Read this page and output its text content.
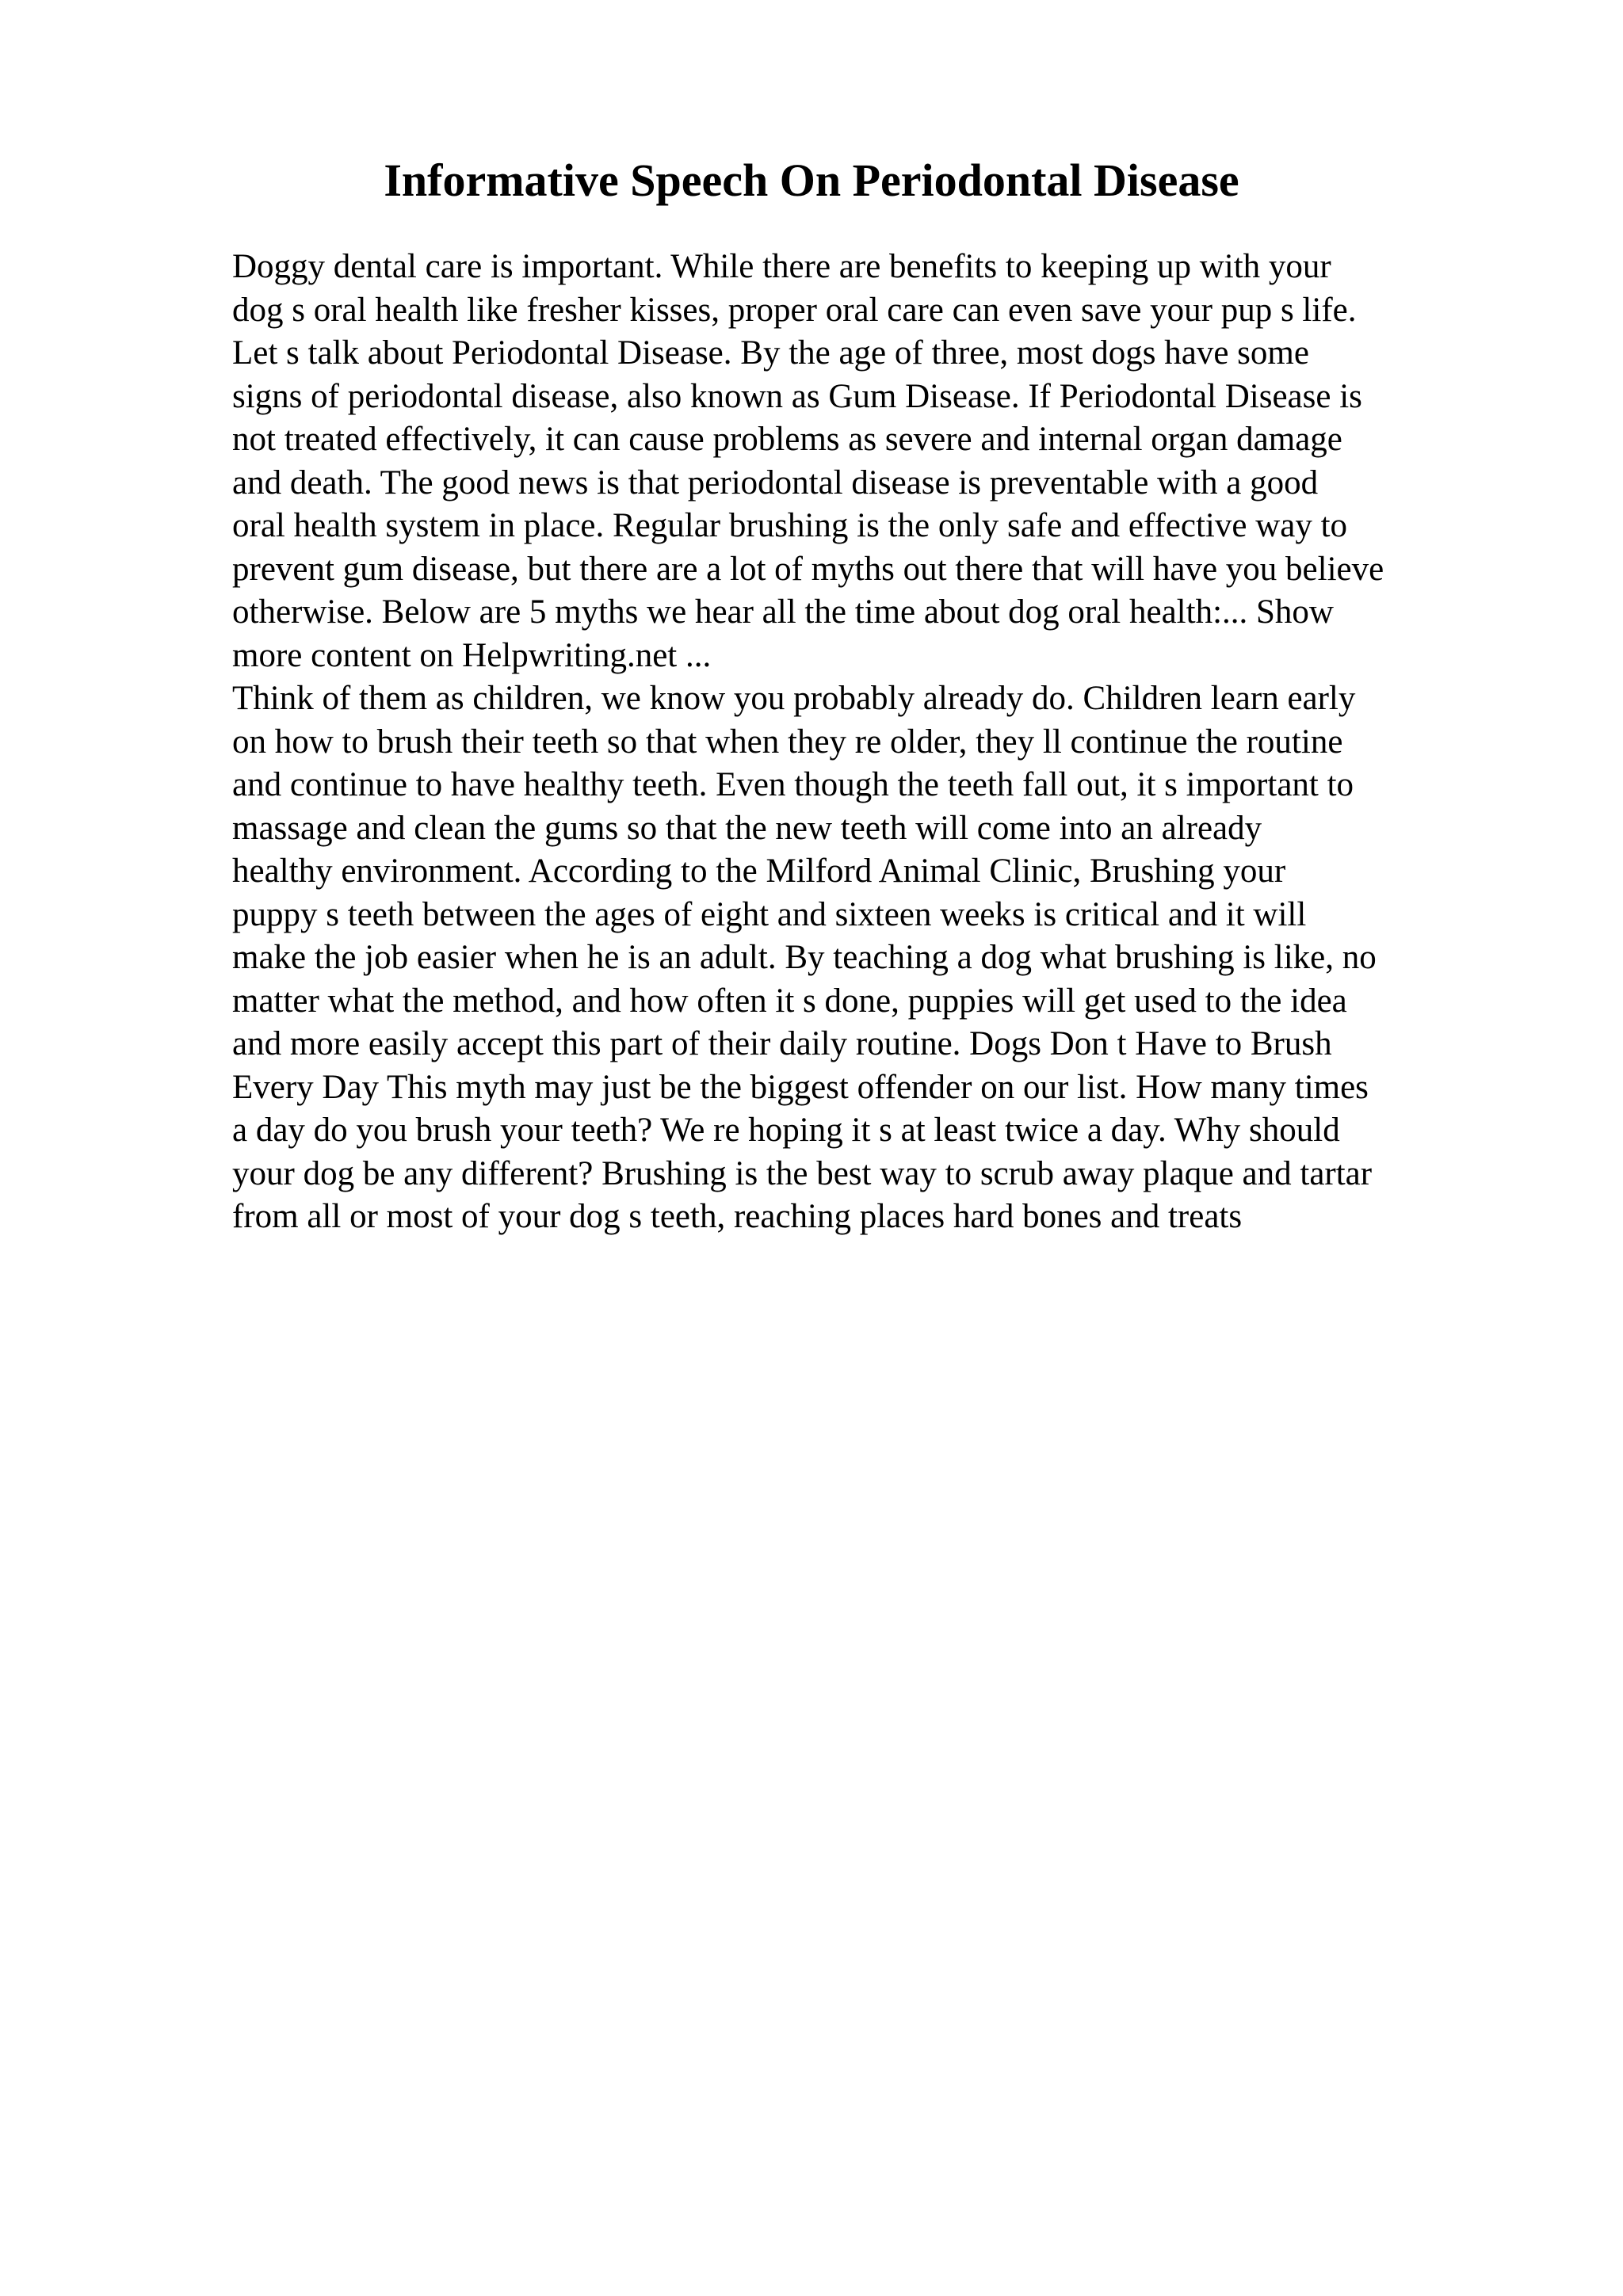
Informative Speech On Periodontal Disease
Doggy dental care is important. While there are benefits to keeping up with your
dog s oral health like fresher kisses, proper oral care can even save your pup s life.
Let s talk about Periodontal Disease. By the age of three, most dogs have some
signs of periodontal disease, also known as Gum Disease. If Periodontal Disease is
not treated effectively, it can cause problems as severe and internal organ damage
and death. The good news is that periodontal disease is preventable with a good
oral health system in place. Regular brushing is the only safe and effective way to
prevent gum disease, but there are a lot of myths out there that will have you believe
otherwise. Below are 5 myths we hear all the time about dog oral health:... Show
more content on Helpwriting.net ...
Think of them as children, we know you probably already do. Children learn early
on how to brush their teeth so that when they re older, they ll continue the routine
and continue to have healthy teeth. Even though the teeth fall out, it s important to
massage and clean the gums so that the new teeth will come into an already
healthy environment. According to the Milford Animal Clinic, Brushing your
puppy s teeth between the ages of eight and sixteen weeks is critical and it will
make the job easier when he is an adult. By teaching a dog what brushing is like, no
matter what the method, and how often it s done, puppies will get used to the idea
and more easily accept this part of their daily routine. Dogs Don t Have to Brush
Every Day This myth may just be the biggest offender on our list. How many times
a day do you brush your teeth? We re hoping it s at least twice a day. Why should
your dog be any different? Brushing is the best way to scrub away plaque and tartar
from all or most of your dog s teeth, reaching places hard bones and treats
